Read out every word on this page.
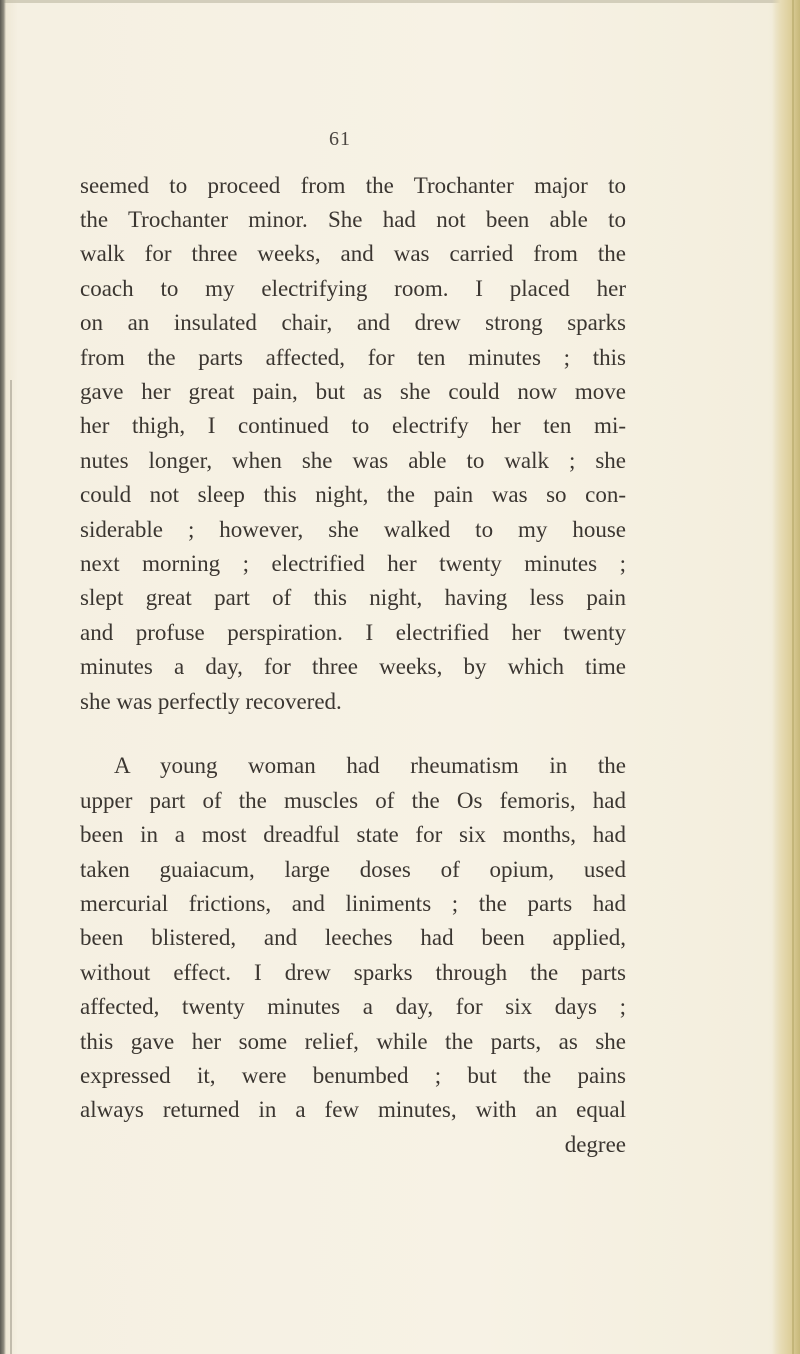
61
seemed to proceed from the Trochanter major to
the Trochanter minor. She had not been able to
walk for three weeks, and was carried from the
coach to my electrifying room. I placed her
on an insulated chair, and drew strong sparks
from the parts affected, for ten minutes ; this
gave her great pain, but as she could now move
her thigh, I continued to electrify her ten mi-
nutes longer, when she was able to walk ; she
could not sleep this night, the pain was so con-
siderable ; however, she walked to my house
next morning ; electrified her twenty minutes ;
slept great part of this night, having less pain
and profuse perspiration. I electrified her twenty
minutes a day, for three weeks, by which time
she was perfectly recovered.
A young woman had rheumatism in the
upper part of the muscles of the Os femoris, had
been in a most dreadful state for six months, had
taken guaiacum, large doses of opium, used
mercurial frictions, and liniments ; the parts had
been blistered, and leeches had been applied,
without effect. I drew sparks through the parts
affected, twenty minutes a day, for six days ;
this gave her some relief, while the parts, as she
expressed it, were benumbed ; but the pains
always returned in a few minutes, with an equal
degree
